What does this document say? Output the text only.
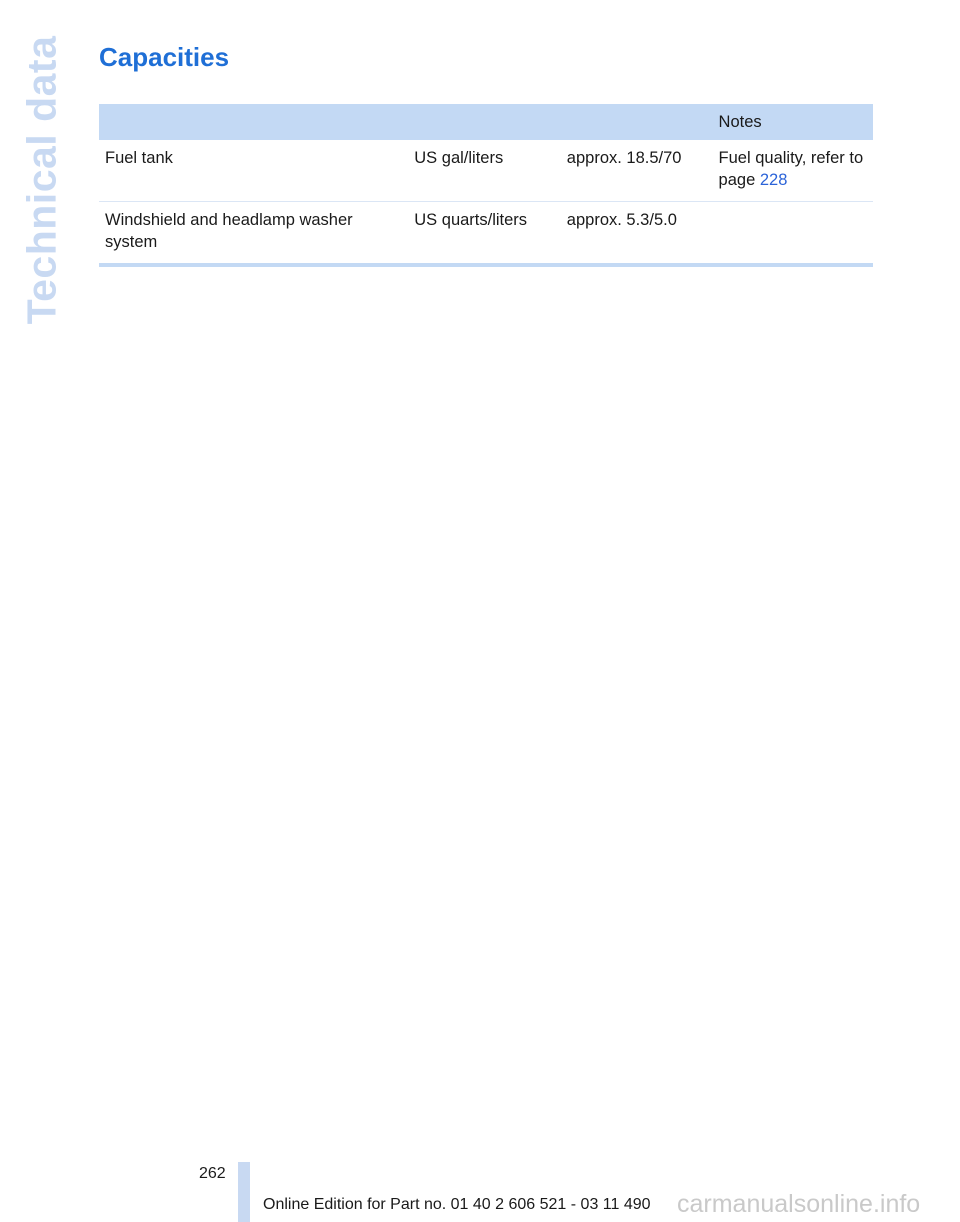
Technical data Capacities
			Notes
Fuel tank	US gal/liters	approx. 18.5/70	Fuel quality, refer to page 228
Windshield and headlamp washer system	US quarts/liters	approx. 5.3/5.0	
262
Online Edition for Part no. 01 40 2 606 521 - 03 11 490 carmanualsonline.info
